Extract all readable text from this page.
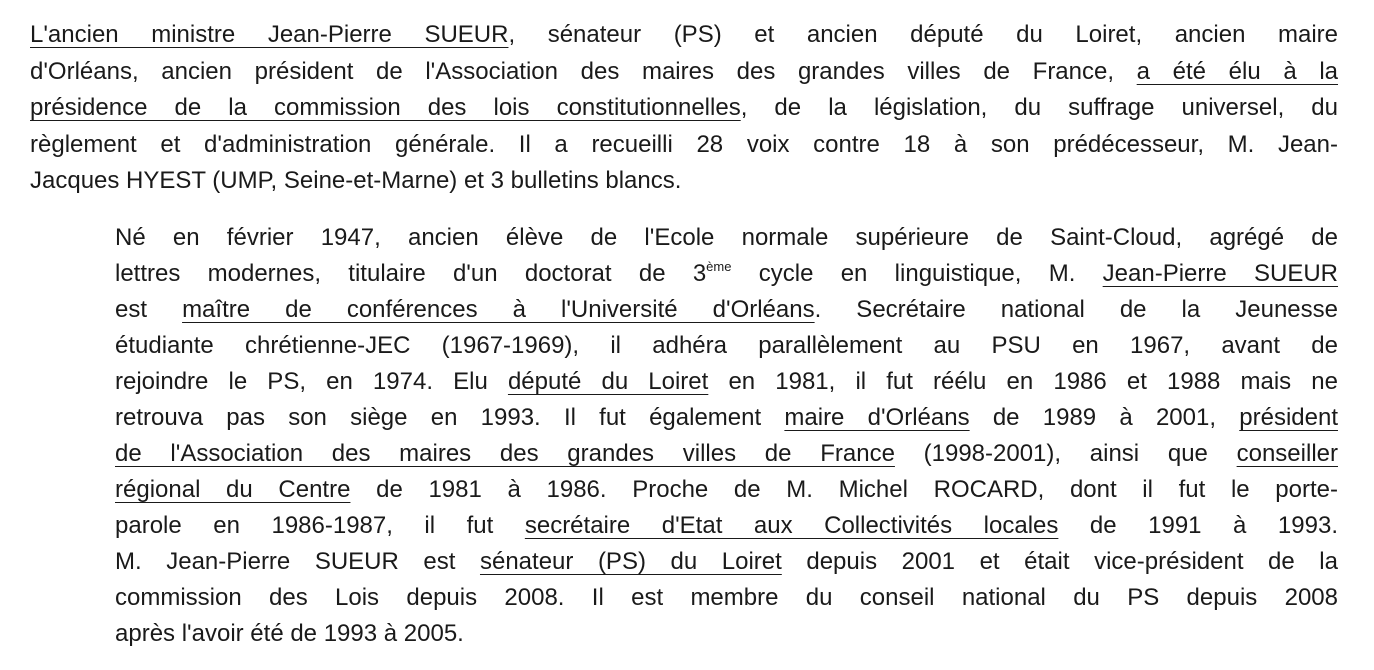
L'ancien ministre Jean-Pierre SUEUR, sénateur (PS) et ancien député du Loiret, ancien maire
d'Orléans, ancien président de l'Association des maires des grandes villes de France, a été élu à la
présidence de la commission des lois constitutionnelles, de la législation, du suffrage universel, du
règlement et d'administration générale. Il a recueilli 28 voix contre 18 à son prédécesseur, M. Jean-
Jacques HYEST (UMP, Seine-et-Marne) et 3 bulletins blancs.
Né en février 1947, ancien élève de l'Ecole normale supérieure de Saint-Cloud, agrégé de
lettres modernes, titulaire d'un doctorat de 3ème cycle en linguistique, M. Jean-Pierre SUEUR
est maître de conférences à l'Université d'Orléans. Secrétaire national de la Jeunesse
étudiante chrétienne-JEC (1967-1969), il adhéra parallèlement au PSU en 1967, avant de
rejoindre le PS, en 1974. Elu député du Loiret en 1981, il fut réélu en 1986 et 1988 mais ne
retrouva pas son siège en 1993. Il fut également maire d'Orléans de 1989 à 2001, président
de l'Association des maires des grandes villes de France (1998-2001), ainsi que conseiller
régional du Centre de 1981 à 1986. Proche de M. Michel ROCARD, dont il fut le porte-
parole en 1986-1987, il fut secrétaire d'Etat aux Collectivités locales de 1991 à 1993.
M. Jean-Pierre SUEUR est sénateur (PS) du Loiret depuis 2001 et était vice-président de la
commission des Lois depuis 2008. Il est membre du conseil national du PS depuis 2008
après l'avoir été de 1993 à 2005.
